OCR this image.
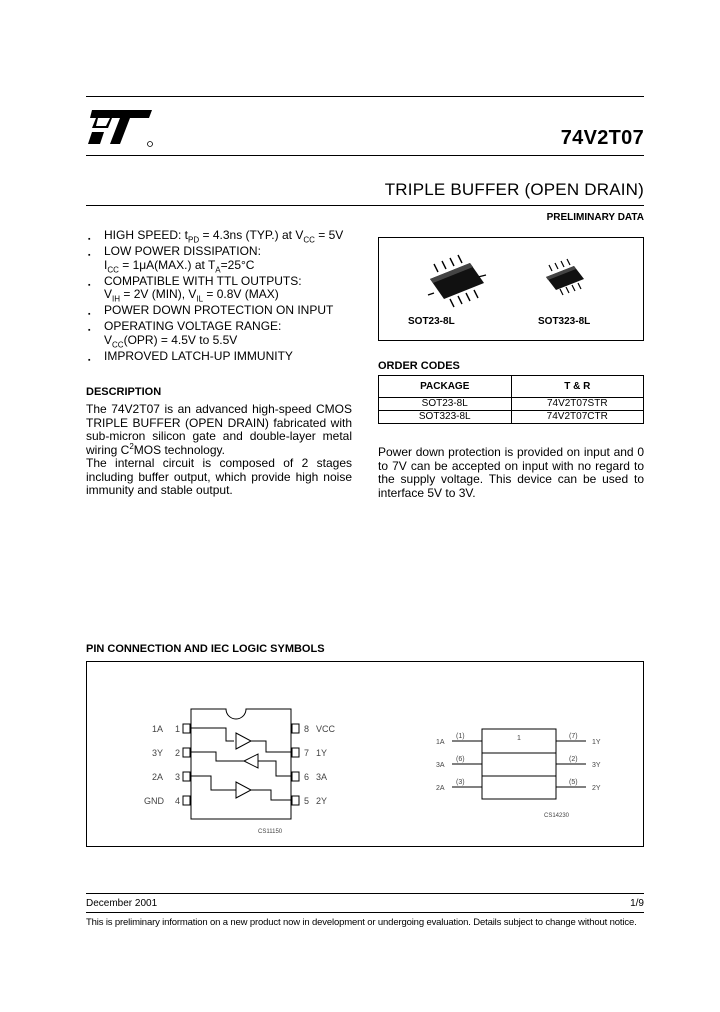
74V2T07
TRIPLE BUFFER (OPEN DRAIN)
PRELIMINARY DATA
▪ HIGH SPEED: $t_{PD} = 4.3ns$ (TYP.) at $V_{CC} = 5V$
▪ LOW POWER DISSIPATION:
$I_{CC} = 1\mu A(MAX.)$ at $T_A=25^\circ C$
▪ COMPATIBLE WITH TTL OUTPUTS:
$V_{IH} = 2V$ (MIN), $V_{IL} = 0.8V$ (MAX)
▪ POWER DOWN PROTECTION ON INPUT
▪ OPERATING VOLTAGE RANGE:
$V_{CC}(OPR) = 4.5V$ to 5.5V
▪ IMPROVED LATCH-UP IMMUNITY
DESCRIPTION
The 74V2T07 is an advanced high-speed CMOS TRIPLE BUFFER (OPEN DRAIN) fabricated with sub-micron silicon gate and double-layer metal wiring $C^2MOS$ technology.
The internal circuit is composed of 2 stages including buffer output, which provide high noise immunity and stable output.
SOT23-8L	SOT323-8L
ORDER CODES
PACKAGE	T & R
SOT23-8L	74V2T07STR
SOT323-8L	74V2T07CTR
Power down protection is provided on input and 0 to 7V can be accepted on input with no regard to the supply voltage. This device can be used to interface 5V to 3V.
PIN CONNECTION AND IEC LOGIC SYMBOLS
1A
3Y
2A
GND
1
2
3
4
8
7
6
5
VCC
1Y
3A
2Y
CS11150
1A
3A
2A
(1)
(6)
(3)
1	(7)
(2)
(5)
1Y
3Y
2Y
CS14230
December 2001	1/9
This is preliminary information on a new product now in development or undergoing evaluation. Details subject to change without notice.
